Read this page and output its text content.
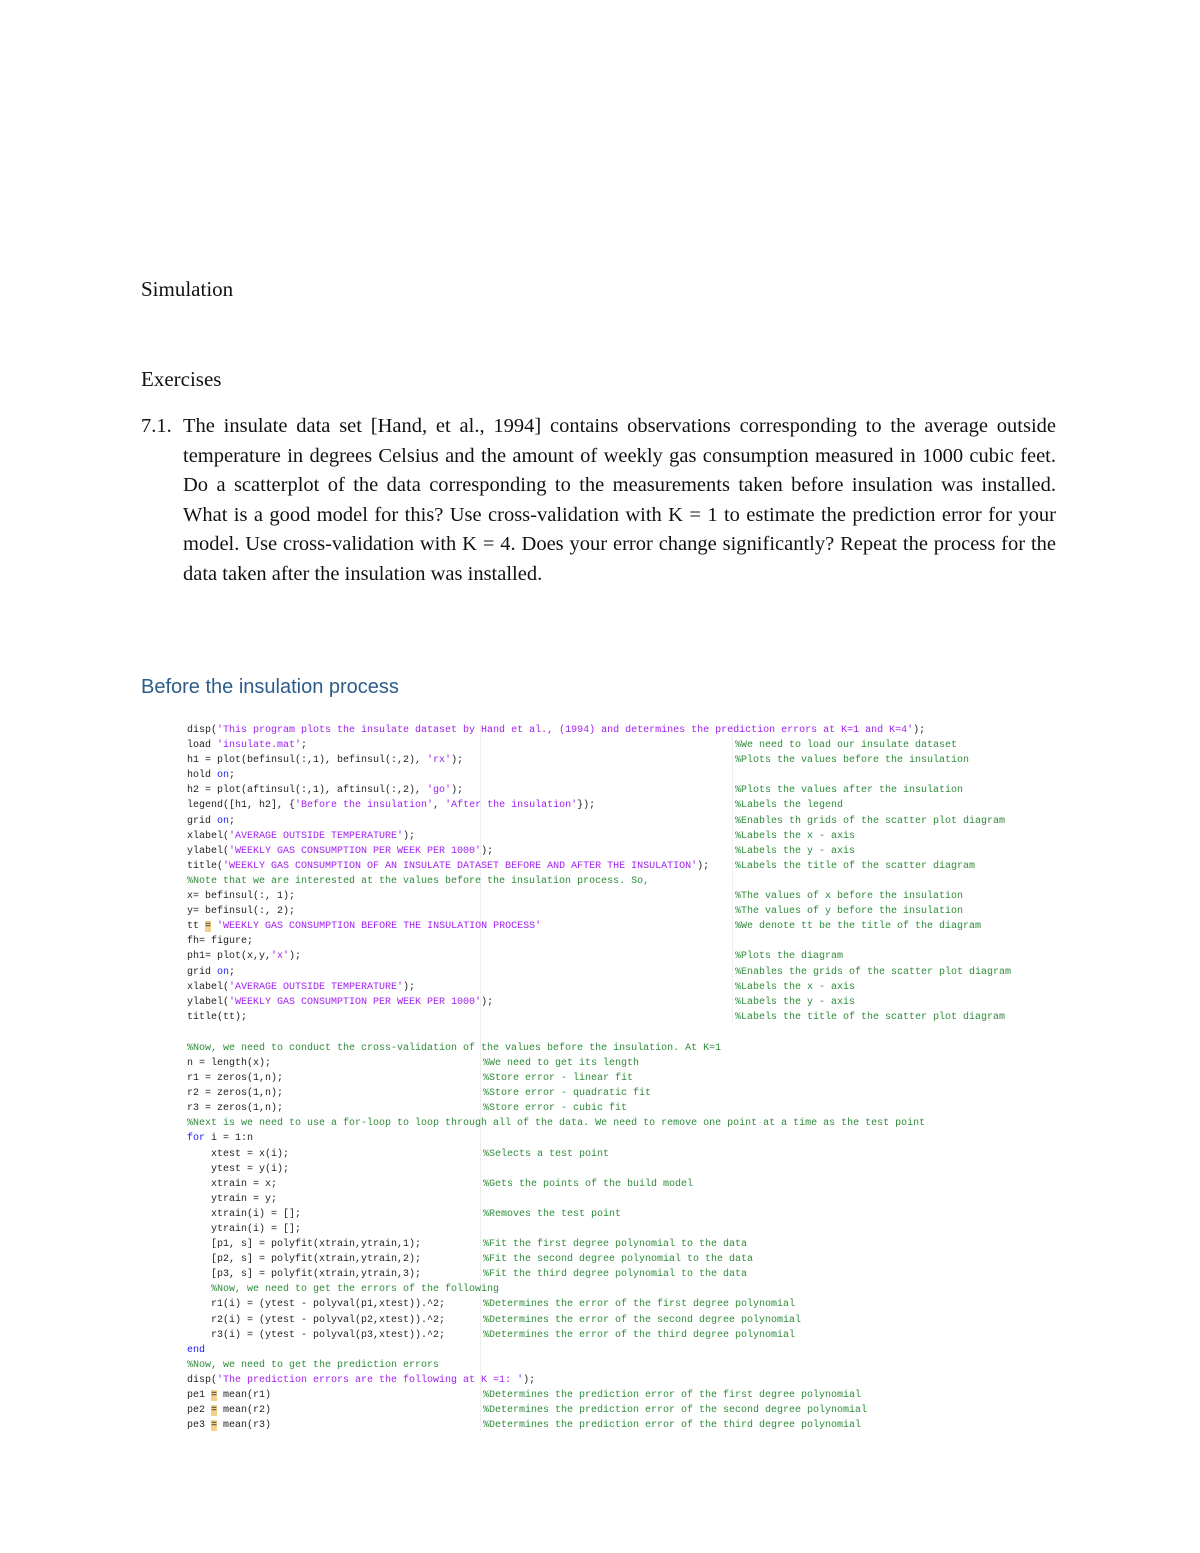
Simulation
Exercises
7.1. The insulate data set [Hand, et al., 1994] contains observations corresponding to the average outside temperature in degrees Celsius and the amount of weekly gas consumption measured in 1000 cubic feet. Do a scatterplot of the data corresponding to the measurements taken before insulation was installed. What is a good model for this? Use cross-validation with K = 1 to estimate the prediction error for your model. Use cross-validation with K = 4. Does your error change significantly? Repeat the process for the data taken after the insulation was installed.
Before the insulation process
disp('This program plots the insulate dataset by Hand et al., (1994) and determines the prediction errors at K=1 and K=4');
load 'insulate.mat';	%We need to load our insulate dataset
h1 = plot(befinsul(:,1), befinsul(:,2), 'rx');	%Plots the values before the insulation
hold on;
h2 = plot(aftinsul(:,1), aftinsul(:,2), 'go');	%Plots the values after the insulation
legend([h1, h2], {'Before the insulation', 'After the insulation'});	%Labels the legend
grid on;	%Enables th grids of the scatter plot diagram
xlabel('AVERAGE OUTSIDE TEMPERATURE');	%Labels the x - axis
ylabel('WEEKLY GAS CONSUMPTION PER WEEK PER 1000');	%Labels the y - axis
title('WEEKLY GAS CONSUMPTION OF AN INSULATE DATASET BEFORE AND AFTER THE INSULATION'); %Labels the title of the scatter diagram
%Note that we are interested at the values before the insulation process. So,
x= befinsul(:, 1);	%The values of x before the insulation
y= befinsul(:, 2);	%The values of y before the insulation
tt = 'WEEKLY GAS CONSUMPTION BEFORE THE INSULATION PROCESS'	%We denote tt be the title of the diagram
fh= figure;
ph1= plot(x,y,'x');	%Plots the diagram
grid on;	%Enables the grids of the scatter plot diagram
xlabel('AVERAGE OUTSIDE TEMPERATURE');	%Labels the x - axis
ylabel('WEEKLY GAS CONSUMPTION PER WEEK PER 1000');	%Labels the y - axis
title(tt);	%Labels the title of the scatter plot diagram
%Now, we need to conduct the cross-validation of the values before the insulation. At K=1
n = length(x);	%We need to get its length
r1 = zeros(1,n);	%Store error - linear fit
r2 = zeros(1,n);	%Store error - quadratic fit
r3 = zeros(1,n);	%Store error - cubic fit
%Next is we need to use a for-loop to loop through all of the data. We need to remove one point at a time as the test point
for i = 1:n
xtest = x(i);	%Selects a test point
ytest = y(i);
xtrain = x;	%Gets the points of the build model
ytrain = y;
xtrain(i) = [];	%Removes the test point
ytrain(i) = [];
[p1, s] = polyfit(xtrain,ytrain,1);	%Fit the first degree polynomial to the data
[p2, s] = polyfit(xtrain,ytrain,2);	%Fit the second degree polynomial to the data
[p3, s] = polyfit(xtrain,ytrain,3);	%Fit the third degree polynomial to the data
%Now, we need to get the errors of the following
r1(i) = (ytest - polyval(p1,xtest)).^2;	%Determines the error of the first degree polynomial
r2(i) = (ytest - polyval(p2,xtest)).^2;	%Determines the error of the second degree polynomial
r3(i) = (ytest - polyval(p3,xtest)).^2;	%Determines the error of the third degree polynomial
end
%Now, we need to get the prediction errors
disp('The prediction errors are the following at K =1: ');
pe1 = mean(r1)	%Determines the prediction error of the first degree polynomial
pe2 = mean(r2)	%Determines the prediction error of the second degree polynomial
pe3 = mean(r3)	%Determines the prediction error of the third degree polynomial
